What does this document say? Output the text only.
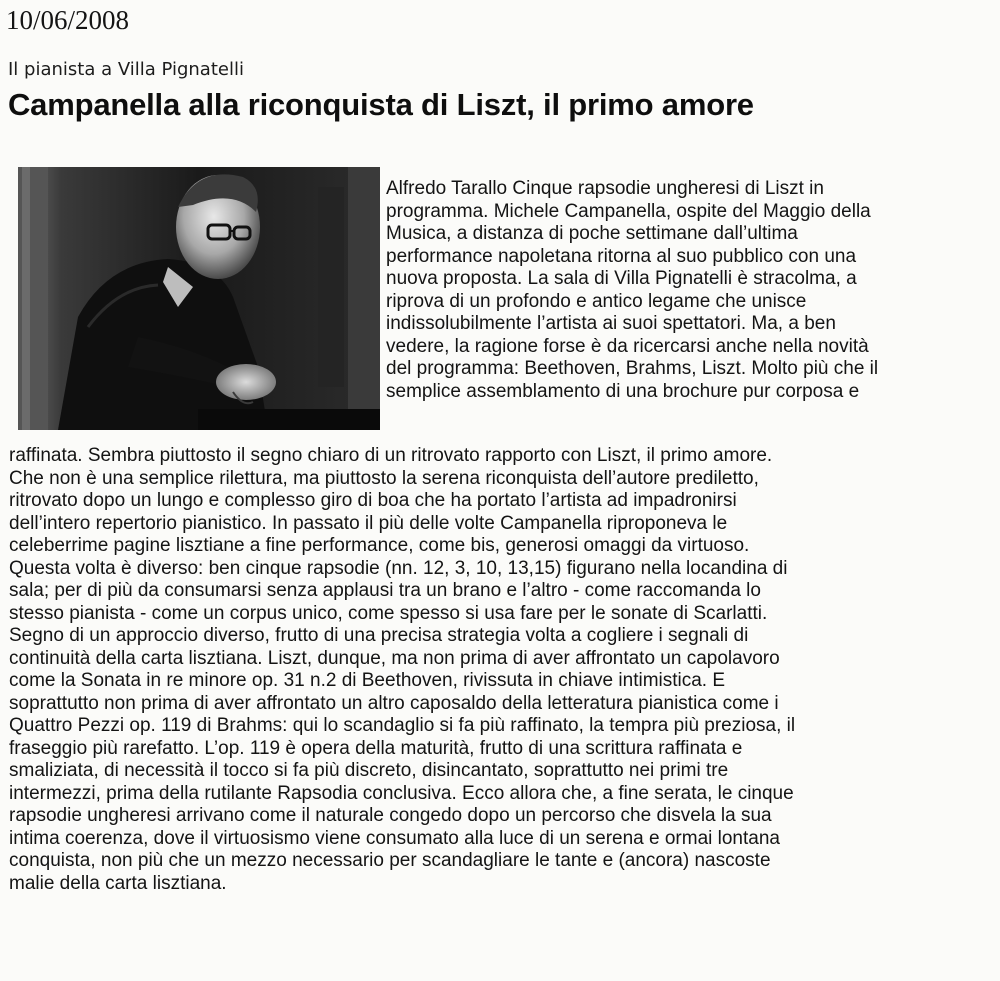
10/06/2008
Il pianista a Villa Pignatelli
Campanella alla riconquista di Liszt, il primo amore
Alfredo Tarallo Cinque rapsodie ungheresi di Liszt in
programma. Michele Campanella, ospite del Maggio della
Musica, a distanza di poche settimane dall’ultima
performance napoletana ritorna al suo pubblico con una
nuova proposta. La sala di Villa Pignatelli è stracolma, a
riprova di un profondo e antico legame che unisce
indissolubilmente l’artista ai suoi spettatori. Ma, a ben
vedere, la ragione forse è da ricercarsi anche nella novità
del programma: Beethoven, Brahms, Liszt. Molto più che il
semplice assemblamento di una brochure pur corposa e
raffinata. Sembra piuttosto il segno chiaro di un ritrovato rapporto con Liszt, il primo amore.
Che non è una semplice rilettura, ma piuttosto la serena riconquista dell’autore prediletto,
ritrovato dopo un lungo e complesso giro di boa che ha portato l’artista ad impadronirsi
dell’intero repertorio pianistico. In passato il più delle volte Campanella riproponeva le
celeberrime pagine lisztiane a fine performance, come bis, generosi omaggi da virtuoso.
Questa volta è diverso: ben cinque rapsodie (nn. 12, 3, 10, 13,15) figurano nella locandina di
sala; per di più da consumarsi senza applausi tra un brano e l’altro - come raccomanda lo
stesso pianista - come un corpus unico, come spesso si usa fare per le sonate di Scarlatti.
Segno di un approccio diverso, frutto di una precisa strategia volta a cogliere i segnali di
continuità della carta lisztiana. Liszt, dunque, ma non prima di aver affrontato un capolavoro
come la Sonata in re minore op. 31 n.2 di Beethoven, rivissuta in chiave intimistica. E
soprattutto non prima di aver affrontato un altro caposaldo della letteratura pianistica come i
Quattro Pezzi op. 119 di Brahms: qui lo scandaglio si fa più raffinato, la tempra più preziosa, il
fraseggio più rarefatto. L’op. 119 è opera della maturità, frutto di una scrittura raffinata e
smaliziata, di necessità il tocco si fa più discreto, disincantato, soprattutto nei primi tre
intermezzi, prima della rutilante Rapsodia conclusiva. Ecco allora che, a fine serata, le cinque
rapsodie ungheresi arrivano come il naturale congedo dopo un percorso che disvela la sua
intima coerenza, dove il virtuosismo viene consumato alla luce di un serena e ormai lontana
conquista, non più che un mezzo necessario per scandagliare le tante e (ancora) nascoste
malie della carta lisztiana.
